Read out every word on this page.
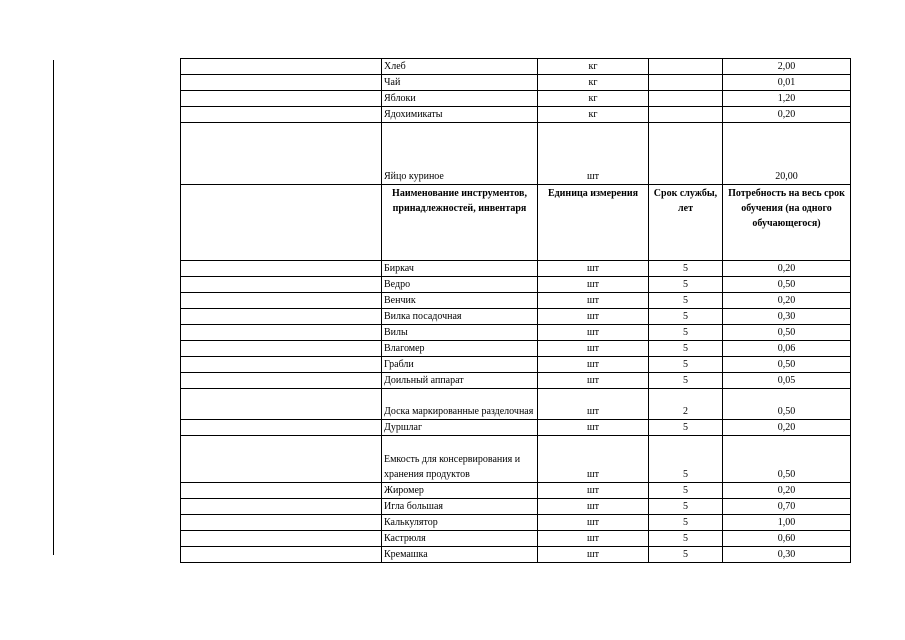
	Хлеб	кг		2,00
	Чай	кг		0,01
	Яблоки	кг		1,20
	Ядохимикаты	кг		0,20
	Яйцо куриное	шт		20,00
	Наименование инструментов, принадлежностей, инвентаря	Единица измерения	Срок службы, лет	Потребность на весь срок обучения (на одного обучающегося)
	Биркач	шт	5	0,20
	Ведро	шт	5	0,50
	Венчик	шт	5	0,20
	Вилка посадочная	шт	5	0,30
	Вилы	шт	5	0,50
	Влагомер	шт	5	0,06
	Грабли	шт	5	0,50
	Доильный аппарат	шт	5	0,05
	Доска маркированные разделочная	шт	2	0,50
	Дуршлаг	шт	5	0,20
	Емкость для консервирования и хранения продуктов	шт	5	0,50
	Жиромер	шт	5	0,20
	Игла большая	шт	5	0,70
	Калькулятор	шт	5	1,00
	Кастрюля	шт	5	0,60
	Кремашка	шт	5	0,30
